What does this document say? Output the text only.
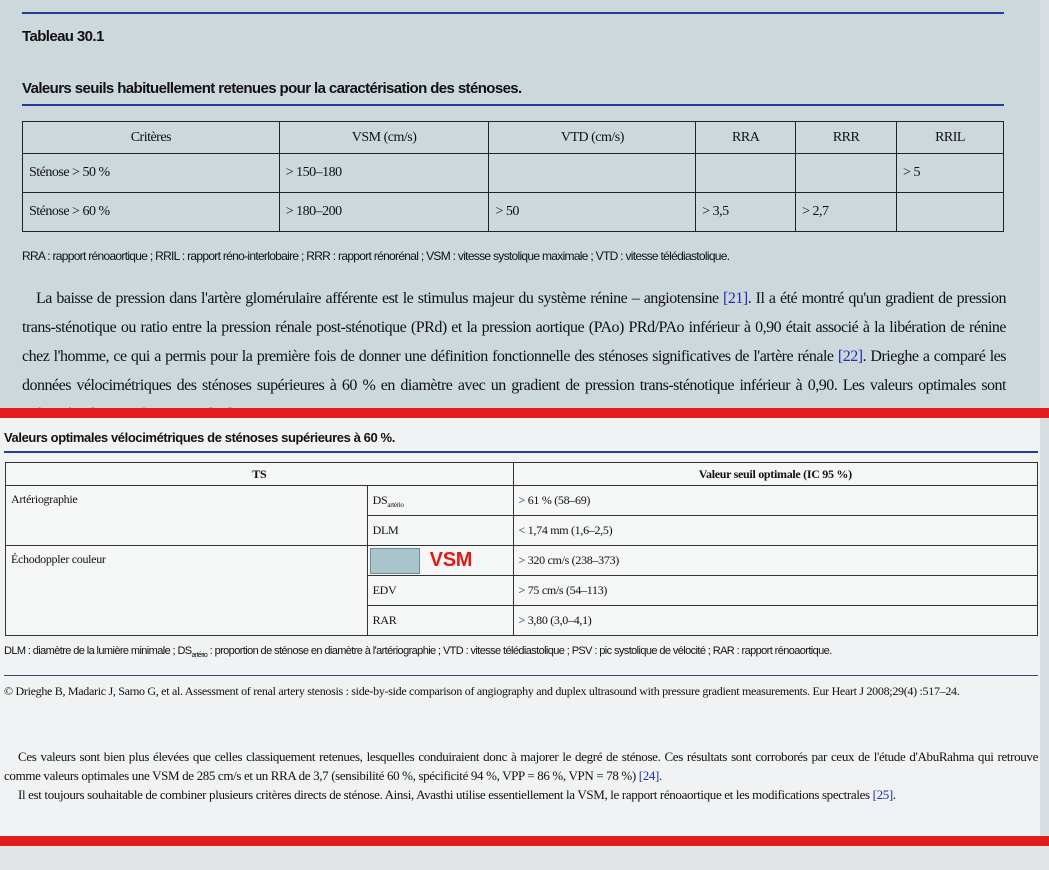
Tableau 30.1
Valeurs seuils habituellement retenues pour la caractérisation des sténoses.
Critères	VSM (cm/s)	VTD (cm/s)	RRA	RRR	RRIL
Sténose > 50 %	> 150–180				> 5
Sténose > 60 %	> 180–200	> 50	> 3,5	> 2,7	
RRA : rapport rénoaortique ; RRIL : rapport réno-interlobaire ; RRR : rapport rénorénal ; VSM : vitesse systolique maximale ; VTD : vitesse télédiastolique.
La baisse de pression dans l'artère glomérulaire afférente est le stimulus majeur du système rénine – angiotensine [21]. Il a été montré qu'un gradient de pression trans-sténotique ou ratio entre la pression rénale post-sténotique (PRd) et la pression aortique (PAo) PRd/PAo inférieur à 0,90 était associé à la libération de rénine chez l'homme, ce qui a permis pour la première fois de donner une définition fonctionnelle des sténoses significatives de l'artère rénale [22]. Drieghe a comparé les données vélocimétriques des sténoses supérieures à 60 % en diamètre avec un gradient de pression trans-sténotique inférieur à 0,90. Les valeurs optimales sont
Valeurs optimales vélocimétriques de sténoses supérieures à 60 %.
TS		Valeur seuil optimale (IC 95 %)
Artériographie	$DS_{artério}$	> 61 % (58–69)
	DLM	< 1,74 mm (1,6–2,5)
Échodoppler couleur	VSM	> 320 cm/s (238–373)
	EDV	> 75 cm/s (54–113)
	RAR	> 3,80 (3,0–4,1)
DLM : diamètre de la lumière minimale ; $DS_{artério}$ : proportion de sténose en diamètre à l'artériographie ; VTD : vitesse télédiastolique ; PSV : pic systolique de vélocité ; RAR : rapport rénoaortique.
© Drieghe B, Madaric J, Sarno G, et al. Assessment of renal artery stenosis : side-by-side comparison of angiography and duplex ultrasound with pressure gradient measurements. Eur Heart J 2008;29(4) :517–24.

Ces valeurs sont bien plus élevées que celles classiquement retenues, lesquelles conduiraient donc à majorer le degré de sténose. Ces résultats sont corroborés par ceux de l'étude d'AbuRahma qui retrouve comme valeurs optimales une VSM de 285 cm/s et un RRA de 3,7 (sensibilité 60 %, spécificité 94 %, VPP = 86 %, VPN = 78 %) [24].

Il est toujours souhaitable de combiner plusieurs critères directs de sténose. Ainsi, Avasthi utilise essentiellement la VSM, le rapport rénoaortique et les modifications spectrales [25].
